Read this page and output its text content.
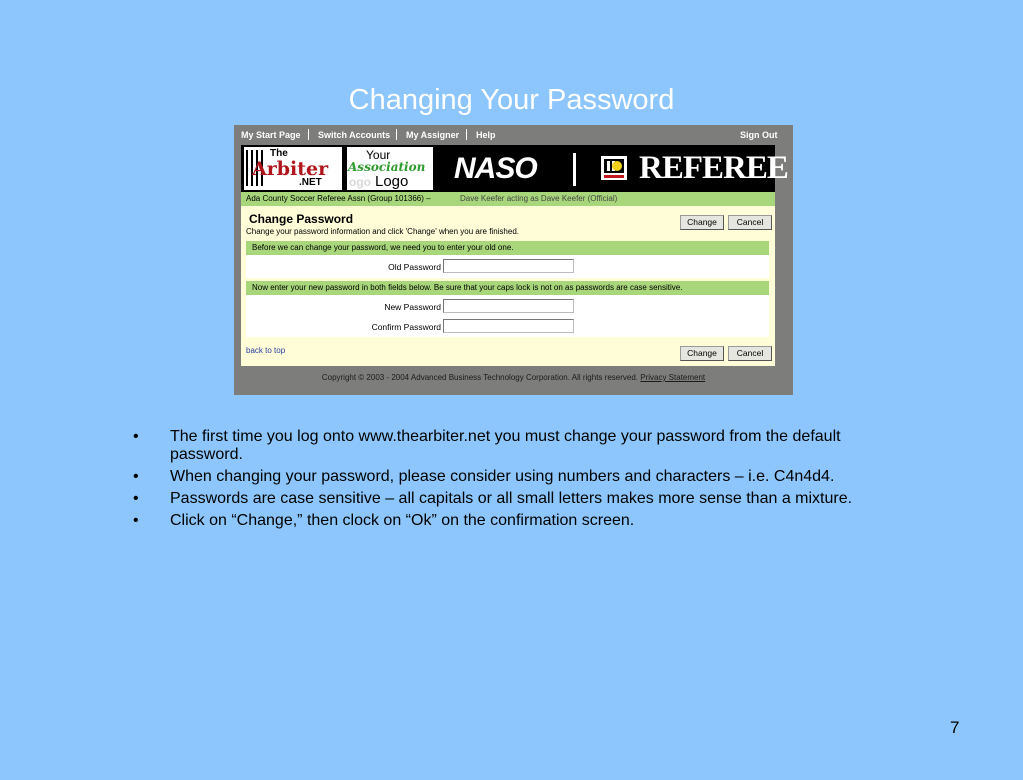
Changing Your Password
My Start Page Switch Accounts My Assigner Help	Sign Out
The
Arbiter
.NET ogo
Your
Association
Logo NASO	REFEREE
Ada County Soccer Referee Assn (Group 101366) –	Dave Keefer acting as Dave Keefer (Official)
Change Password
Change your password information and click 'Change' when you are finished.
Change	Cancel
Before we can change your password, we need you to enter your old one.
Old Password
Now enter your new password in both fields below. Be sure that your caps lock is not on as passwords are case sensitive.
New Password
Confirm Password
back to top	Change	Cancel
Copyright © 2003 - 2004 Advanced Business Technology Corporation. All rights reserved. Privacy Statement
• The first time you log onto www.thearbiter.net you must change your password from the default password.
• When changing your password, please consider using numbers and characters – i.e. C4n4d4.
• Passwords are case sensitive – all capitals or all small letters makes more sense than a mixture.
• Click on “Change,” then clock on “Ok” on the confirmation screen.
7
